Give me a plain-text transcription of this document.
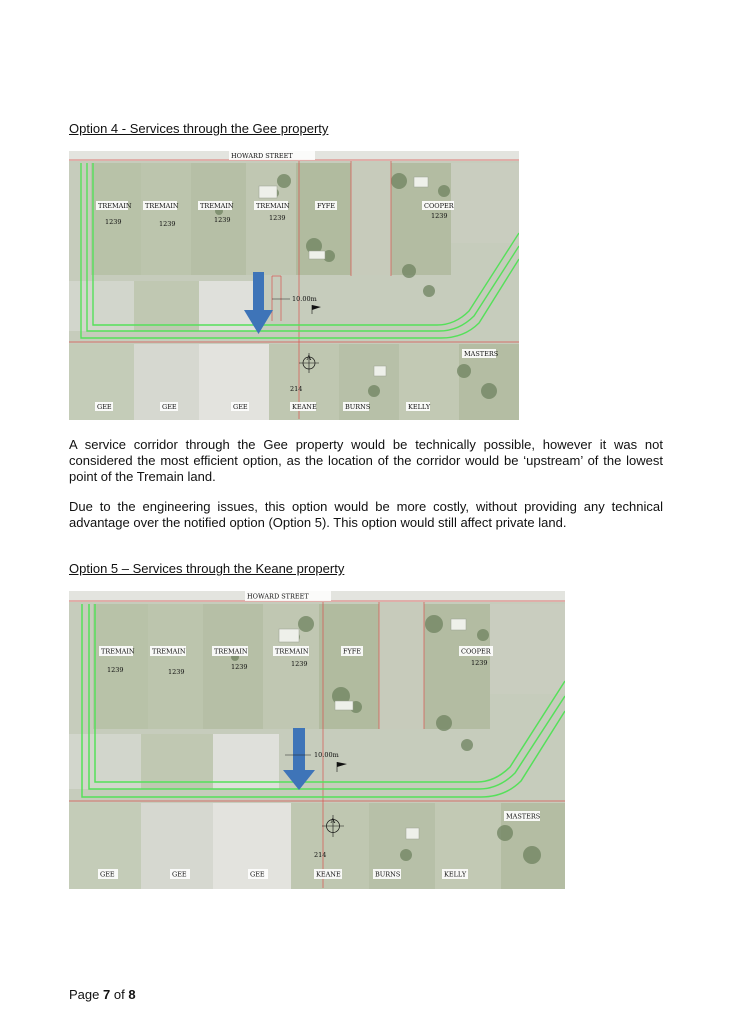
Option 4 - Services through the Gee property
10.00m
A
214
HOWARD STREET
TREMAIN TREMAIN	TREMAIN	TREMAIN	FYFE	COOPER
1239	1239	1239	1239	1239
MASTERS
GEE	GEE	GEE	KEANE	BURNS	KELLY

A service corridor through the Gee property would be technically possible, however it was not considered the most efficient option, as the location of the corridor would be ‘upstream’ of the lowest point of the Tremain land.

Due to the engineering issues, this option would be more costly, without providing any technical advantage over the notified option (Option 5). This option would still affect private land.

Option 5 – Services through the Keane property
10.00m
A
214
HOWARD STREET
TREMAIN	TREMAIN	TREMAIN	TREMAIN	FYFE	COOPER
1239	1239
1239	1239	1239
MASTERS
GEE	GEE	GEE	KEANE	BURNS	KELLY
Page 7 of 8
